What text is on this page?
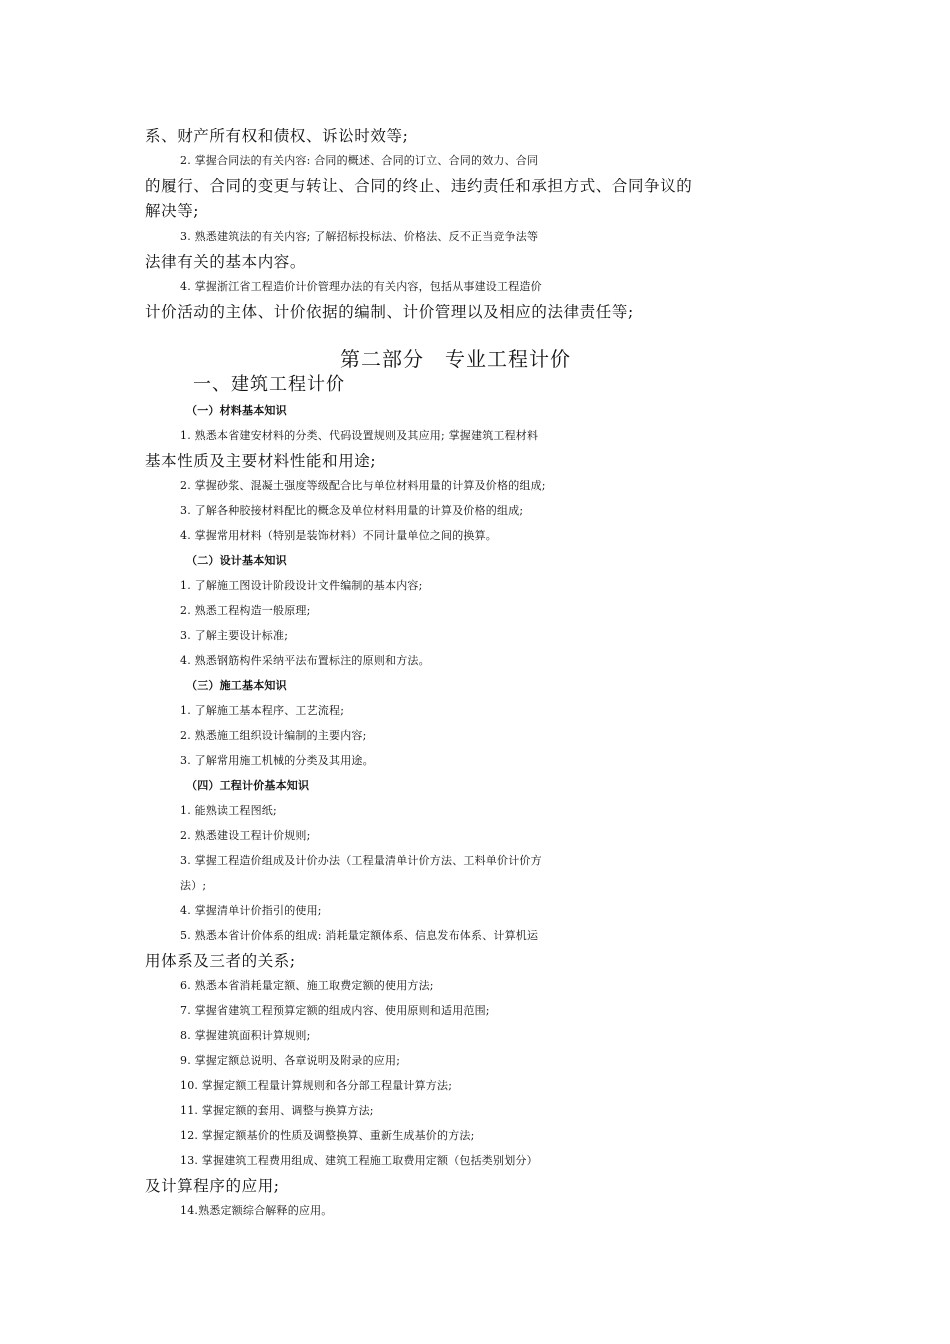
系、财产所有权和债权、诉讼时效等;
2. 掌握合同法的有关内容: 合同的概述、合同的订立、合同的效力、合同
的履行、合同的变更与转让、合同的终止、违约责任和承担方式、合同争议的
解决等;
3. 熟悉建筑法的有关内容; 了解招标投标法、价格法、反不正当竞争法等
法律有关的基本内容。
4. 掌握浙江省工程造价计价管理办法的有关内容，包括从事建设工程造价
计价活动的主体、计价依据的编制、计价管理以及相应的法律责任等;
第二部分　专业工程计价
一、建筑工程计价
（一）材料基本知识
1. 熟悉本省建安材料的分类、代码设置规则及其应用; 掌握建筑工程材料
基本性质及主要材料性能和用途;
2. 掌握砂浆、混凝土强度等级配合比与单位材料用量的计算及价格的组成;
3. 了解各种胶接材料配比的概念及单位材料用量的计算及价格的组成;
4. 掌握常用材料（特别是装饰材料）不同计量单位之间的换算。
（二）设计基本知识
1. 了解施工图设计阶段设计文件编制的基本内容;
2. 熟悉工程构造一般原理;
3. 了解主要设计标准;
4. 熟悉钢筋构件采纳平法布置标注的原则和方法。
（三）施工基本知识
1. 了解施工基本程序、工艺流程;
2. 熟悉施工组织设计编制的主要内容;
3. 了解常用施工机械的分类及其用途。
（四）工程计价基本知识
1. 能熟读工程图纸;
2. 熟悉建设工程计价规则;
3. 掌握工程造价组成及计价办法（工程量清单计价方法、工料单价计价方
法）;
4. 掌握清单计价指引的使用;
5. 熟悉本省计价体系的组成: 消耗量定额体系、信息发布体系、计算机运
用体系及三者的关系;
6. 熟悉本省消耗量定额、施工取费定额的使用方法;
7. 掌握省建筑工程预算定额的组成内容、使用原则和适用范围;
8. 掌握建筑面积计算规则;
9. 掌握定额总说明、各章说明及附录的应用;
10. 掌握定额工程量计算规则和各分部工程量计算方法;
11. 掌握定额的套用、调整与换算方法;
12. 掌握定额基价的性质及调整换算、重新生成基价的方法;
13. 掌握建筑工程费用组成、建筑工程施工取费用定额（包括类别划分）
及计算程序的应用;
14.熟悉定额综合解释的应用。
